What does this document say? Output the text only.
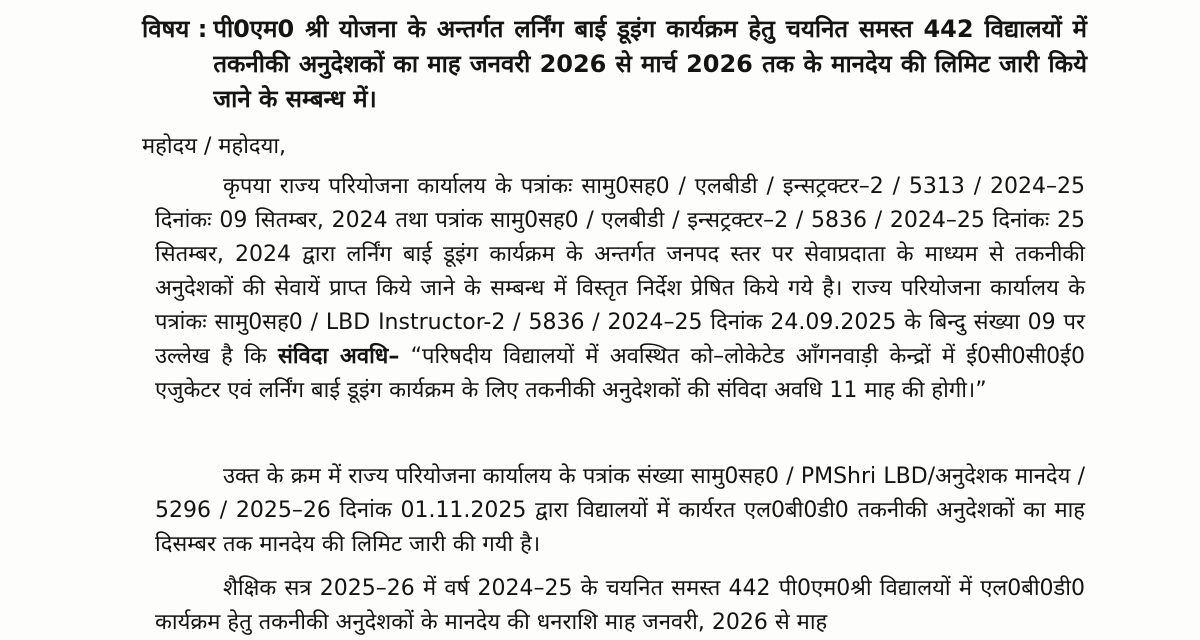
विषय : पी0एम0 श्री योजना के अन्तर्गत लर्निंग बाई डूइंग कार्यक्रम हेतु चयनित समस्त 442 विद्यालयों में तकनीकी अनुदेशकों का माह जनवरी 2026 से मार्च 2026 तक के मानदेय की लिमिट जारी किये जाने के सम्बन्ध में।
महोदय / महोदया,
कृपया राज्य परियोजना कार्यालय के पत्रांकः सामु0सह0 / एलबीडी / इन्सट्रक्टर–2 / 5313 / 2024–25 दिनांकः 09 सितम्बर, 2024 तथा पत्रांक सामु0सह0 / एलबीडी / इन्सट्रक्टर–2 / 5836 / 2024–25 दिनांकः 25 सितम्बर, 2024 द्वारा लर्निंग बाई डूइंग कार्यक्रम के अन्तर्गत जनपद स्तर पर सेवाप्रदाता के माध्यम से तकनीकी अनुदेशकों की सेवायें प्राप्त किये जाने के सम्बन्ध में विस्तृत निर्देश प्रेषित किये गये है। राज्य परियोजना कार्यालय के पत्रांकः सामु0सह0 / LBD Instructor-2 / 5836 / 2024–25 दिनांक 24.09.2025 के बिन्दु संख्या 09 पर उल्लेख है कि संविदा अवधि– “परिषदीय विद्यालयों में अवस्थित को–लोकेटेड आँगनवाड़ी केन्द्रों में ई0सी0सी0ई0 एजुकेटर एवं लर्निंग बाई डूइंग कार्यक्रम के लिए तकनीकी अनुदेशकों की संविदा अवधि 11 माह की होगी।”
उक्त के क्रम में राज्य परियोजना कार्यालय के पत्रांक संख्या सामु0सह0 / PMShri LBD/अनुदेशक मानदेय / 5296 / 2025–26 दिनांक 01.11.2025 द्वारा विद्यालयों में कार्यरत एल0बी0डी0 तकनीकी अनुदेशकों का माह दिसम्बर तक मानदेय की लिमिट जारी की गयी है।
शैक्षिक सत्र 2025–26 में वर्ष 2024–25 के चयनित समस्त 442 पी0एम0श्री विद्यालयों में एल0बी0डी0 कार्यक्रम हेतु तकनीकी अनुदेशकों के मानदेय की धनराशि माह जनवरी, 2026 से माह
